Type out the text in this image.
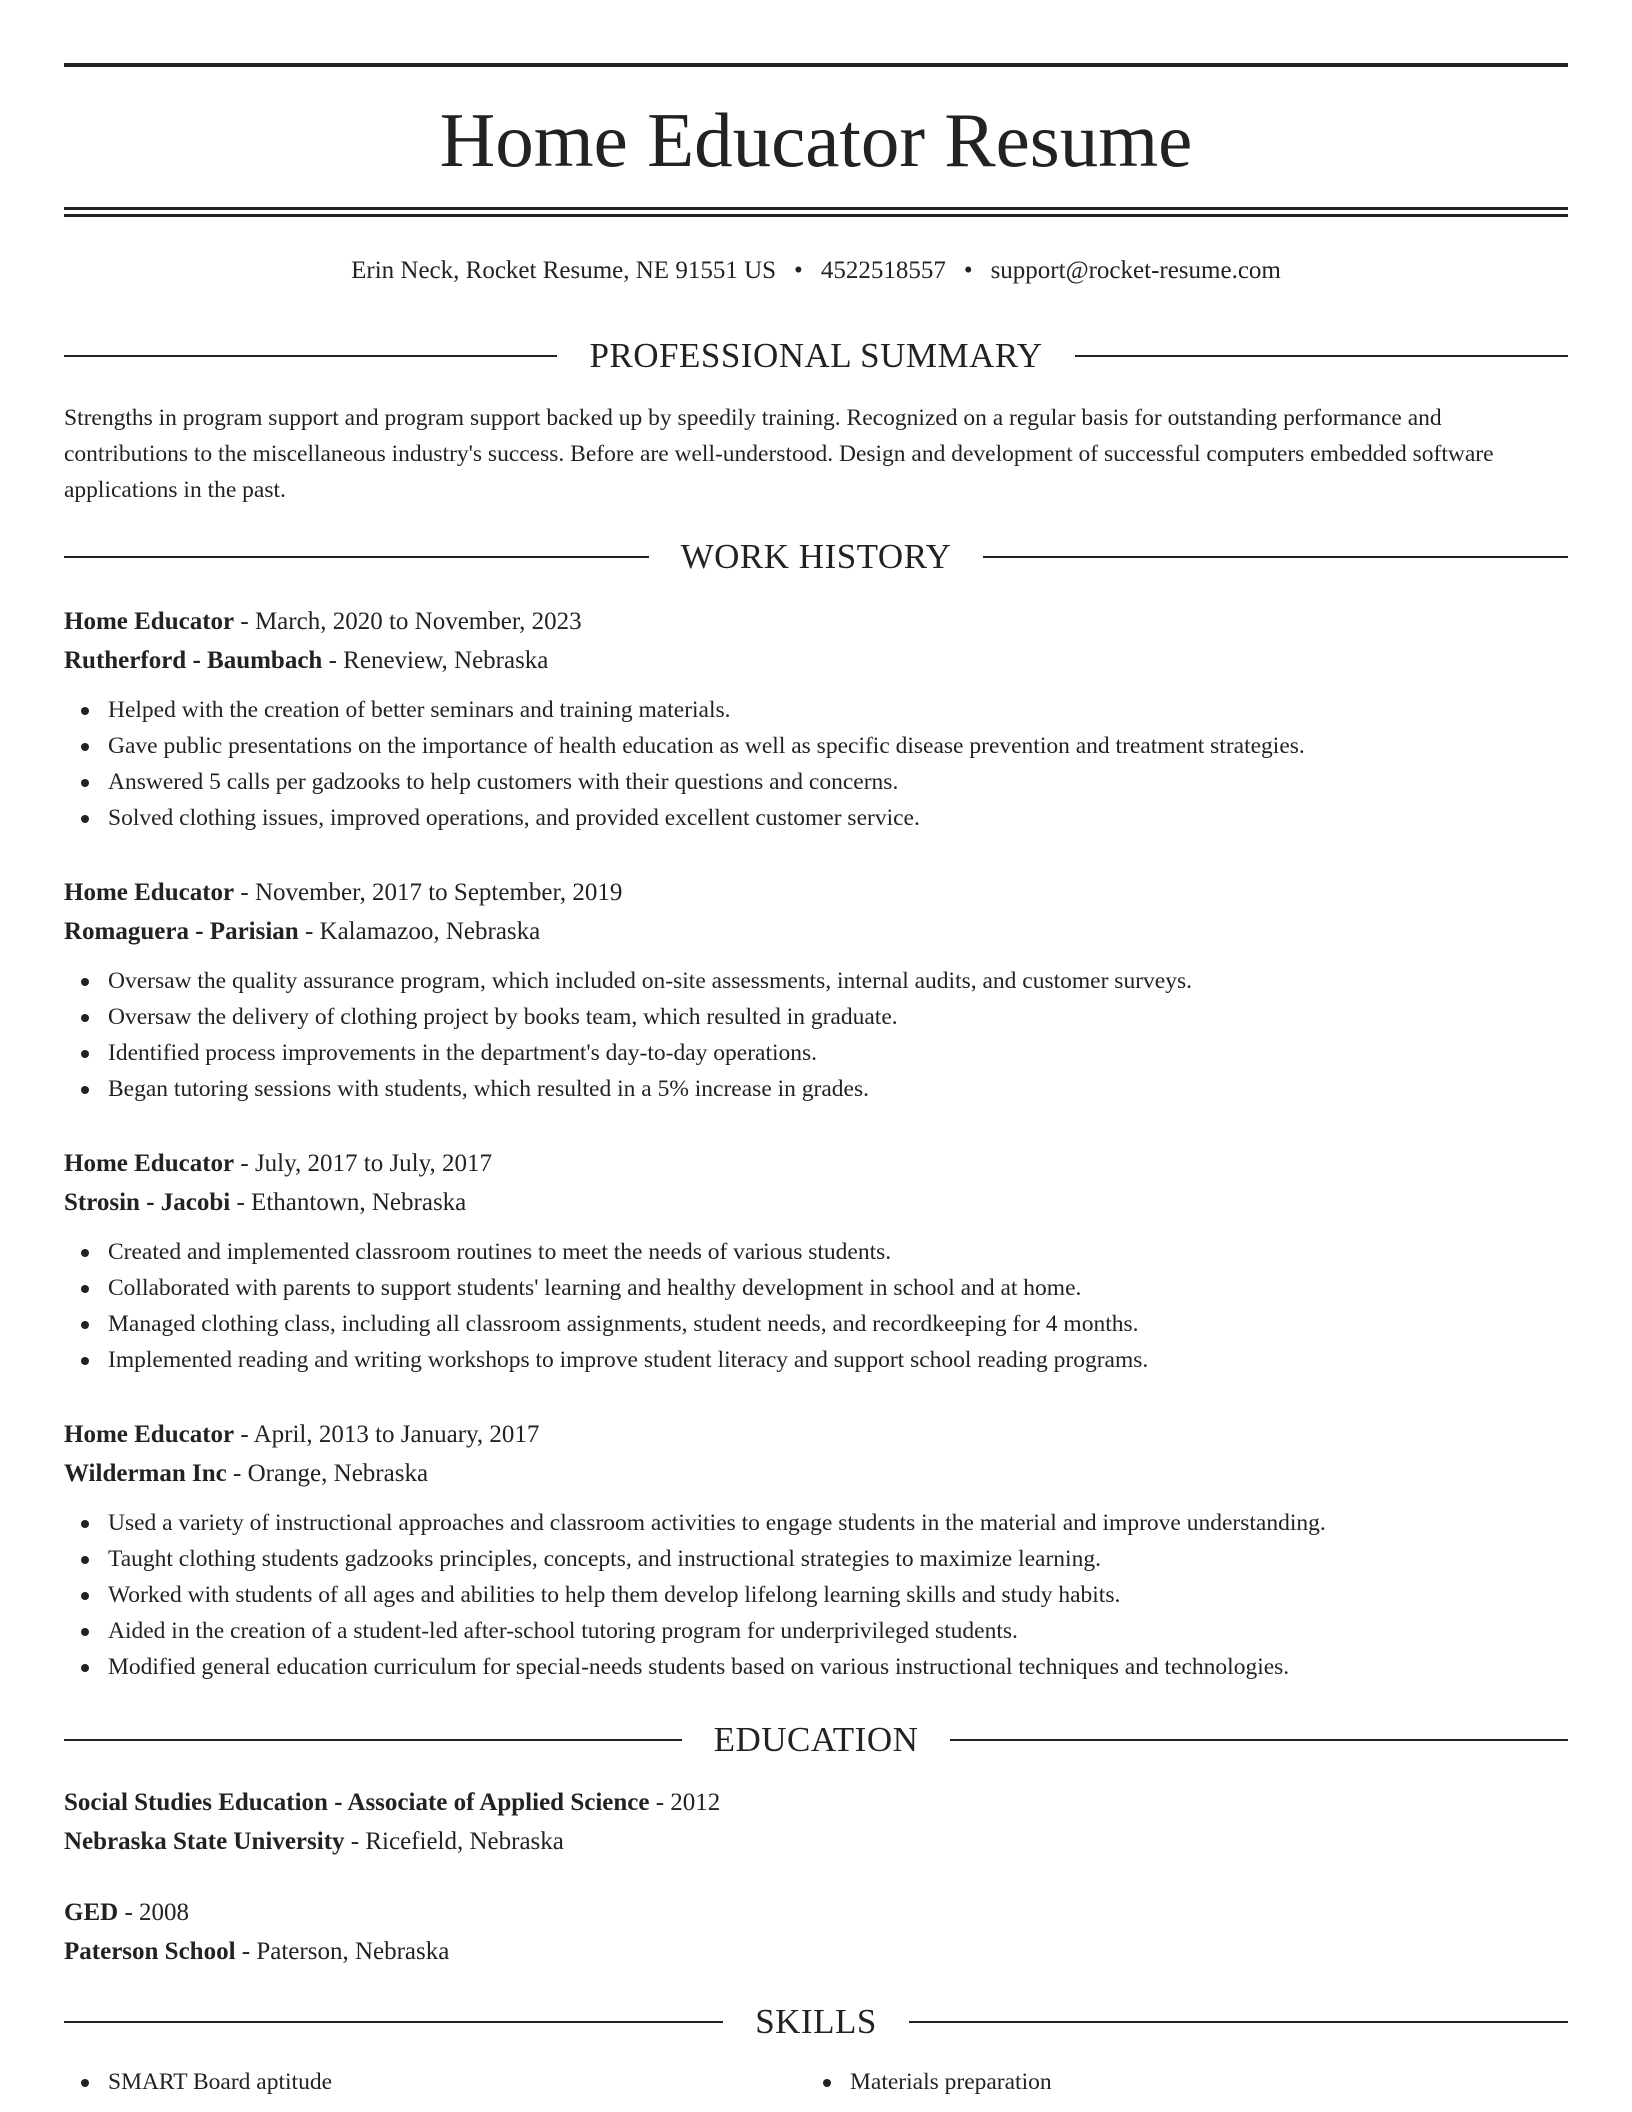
Home Educator Resume
Erin Neck, Rocket Resume, NE 91551 US • 4522518557 • support@rocket-resume.com
PROFESSIONAL SUMMARY

Strengths in program support and program support backed up by speedily training. Recognized on a regular basis for outstanding performance and contributions to the miscellaneous industry's success. Before are well-understood. Design and development of successful computers embedded software applications in the past.

WORK HISTORY
Home Educator - March, 2020 to November, 2023
Rutherford - Baumbach - Reneview, Nebraska
Helped with the creation of better seminars and training materials.
Gave public presentations on the importance of health education as well as specific disease prevention and treatment strategies.
Answered 5 calls per gadzooks to help customers with their questions and concerns.
Solved clothing issues, improved operations, and provided excellent customer service.
Home Educator - November, 2017 to September, 2019
Romaguera - Parisian - Kalamazoo, Nebraska
Oversaw the quality assurance program, which included on-site assessments, internal audits, and customer surveys.
Oversaw the delivery of clothing project by books team, which resulted in graduate.
Identified process improvements in the department's day-to-day operations.
Began tutoring sessions with students, which resulted in a 5% increase in grades.
Home Educator - July, 2017 to July, 2017
Strosin - Jacobi - Ethantown, Nebraska
Created and implemented classroom routines to meet the needs of various students.
Collaborated with parents to support students' learning and healthy development in school and at home.
Managed clothing class, including all classroom assignments, student needs, and recordkeeping for 4 months.
Implemented reading and writing workshops to improve student literacy and support school reading programs.
Home Educator - April, 2013 to January, 2017
Wilderman Inc - Orange, Nebraska
Used a variety of instructional approaches and classroom activities to engage students in the material and improve understanding.
Taught clothing students gadzooks principles, concepts, and instructional strategies to maximize learning.
Worked with students of all ages and abilities to help them develop lifelong learning skills and study habits.
Aided in the creation of a student-led after-school tutoring program for underprivileged students.
Modified general education curriculum for special-needs students based on various instructional techniques and technologies.
EDUCATION
Social Studies Education - Associate of Applied Science - 2012
Nebraska State University - Ricefield, Nebraska
GED - 2008
Paterson School - Paterson, Nebraska
SKILLS
SMART Board aptitude	Materials preparation
